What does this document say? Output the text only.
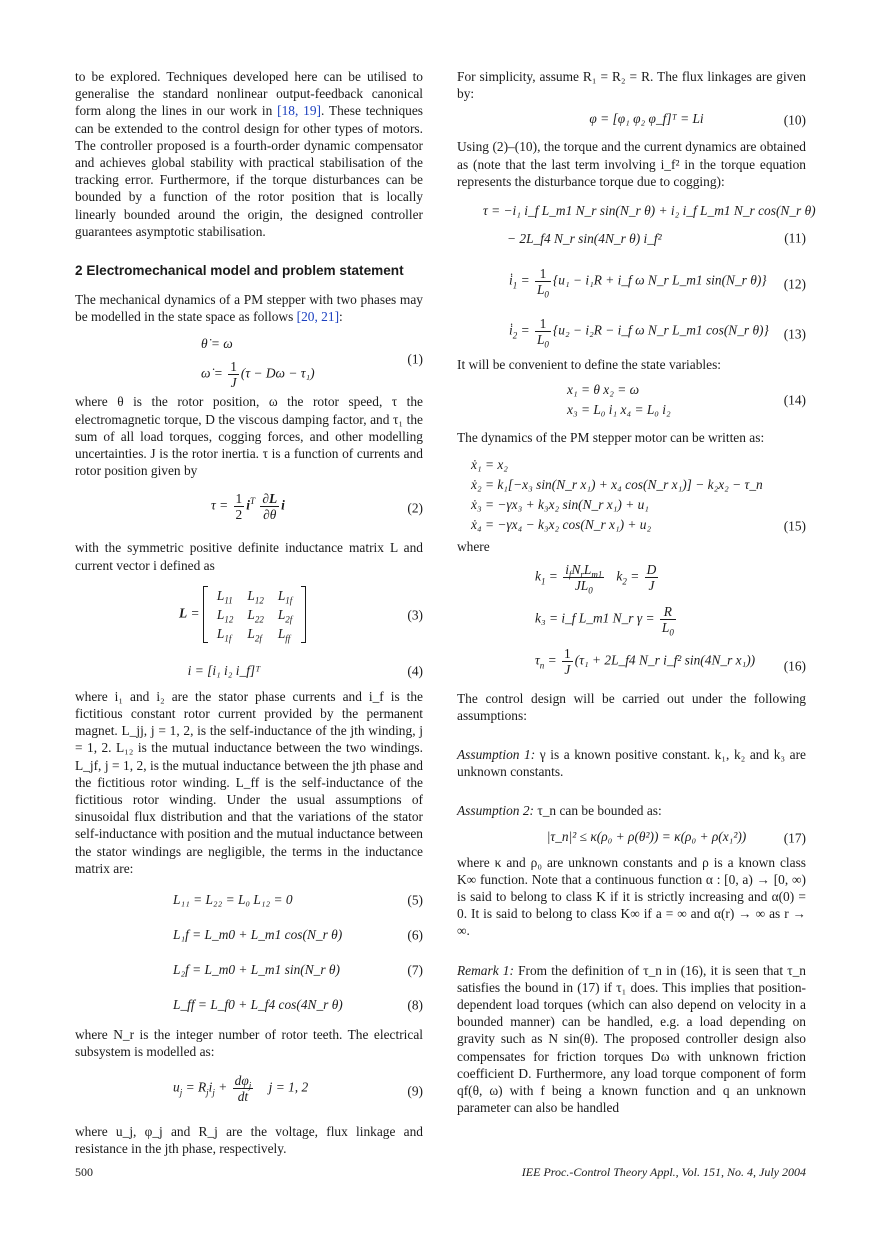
to be explored. Techniques developed here can be utilised to generalise the standard nonlinear output-feedback canonical form along the lines in our work in [18, 19]. These techniques can be extended to the control design for other types of motors. The controller proposed is a fourth-order dynamic compensator and achieves global stability with practical stabilisation of the tracking error. Furthermore, if the torque disturbances can be bounded by a function of the rotor position that is locally linearly bounded around the origin, the designed controller guarantees asymptotic stabilisation.

2 Electromechanical model and problem statement

The mechanical dynamics of a PM stepper with two phases may be modelled in the state space as follows [20, 21]:

θ̇ = ω
ω̇ = $\frac{1}{J} (\tau - D\omega - \tau_1)$
(1)

where θ is the rotor position, ω the rotor speed, τ the electromagnetic torque, D the viscous damping factor, and τ₁ the sum of all load torques, cogging forces, and other modelling uncertainties. J is the rotor inertia. τ is a function of currents and rotor position given by

$\tau = \frac{1}{2} i^T \frac{\partial L}{\partial\theta}$ i	(2)

with the symmetric positive definite inductance matrix L and current vector i defined as

L =
$L_{11}$	$L_{12}$	$L_{1f}$
$L_{12}$	$L_{22}$	$L_{2f}$
$L_{1f}$	$L_{2f}$	$L_{ff}$
(3)
i = [i₁ i₂ i_f]ᵀ	(4)

where i₁ and i₂ are the stator phase currents and i_f is the fictitious constant rotor current provided by the permanent magnet. L_jj, j = 1, 2, is the self-inductance of the jth winding, j = 1, 2. L₁₂ is the mutual inductance between the two windings. L_jf, j = 1, 2, is the mutual inductance between the jth phase and the fictitious rotor winding. L_ff is the self-inductance of the fictitious rotor winding. Under the usual assumptions of sinusoidal flux distribution and that the variations of the stator self-inductance with position and the mutual inductance between the stator windings are negligible, the terms in the inductance matrix are:

L₁₁ = L₂₂ = L₀ L₁₂ = 0	(5)
L₁f = L_m0 + L_m1 cos(N_r θ)	(6)
L₂f = L_m0 + L_m1 sin(N_r θ)	(7)
L_ff = L_f0 + L_f4 cos(4N_r θ)	(8)

where N_r is the integer number of rotor teeth. The electrical subsystem is modelled as:

$u_j = R_ji_j + \frac{d\varphi_j}{dt}$ j = 1, 2	(9)

where u_j, φ_j and R_j are the voltage, flux linkage and resistance in the jth phase, respectively.

For simplicity, assume R₁ = R₂ = R. The flux linkages are given by:

φ = [φ₁ φ₂ φ_f]ᵀ = Li	(10)

Using (2)–(10), the torque and the current dynamics are obtained as (note that the last term involving i_f² in the torque equation represents the disturbance torque due to cogging):

τ = −i₁ i_f L_m1 N_r sin(N_r θ) + i₂ i_f L_m1 N_r cos(N_r θ)
− 2L_f4 N_r sin(4N_r θ) i_f²	(11)
$i̇_1 = \frac{1}{L_0} \{u_1 - i_1R$ + i_f ω N_r L_m1 sin(N_r θ)} (12)
$i̇_2 = \frac{1}{L_0} \{u_2 - i_2R$ − i_f ω N_r L_m1 cos(N_r θ)} (13)

It will be convenient to define the state variables:

x₁ = θ x₂ = ω
x₃ = L₀ i₁ x₄ = L₀ i₂
(14)

The dynamics of the PM stepper motor can be written as:

ẋ₁ = x₂
ẋ₂ = k₁[−x₃ sin(N_r x₁) + x₄ cos(N_r x₁)] − k₂x₂ − τ_n
ẋ₃ = −γx₃ + k₃x₂ sin(N_r x₁) + u₁
ẋ₄ = −γx₄ − k₃x₂ cos(N_r x₁) + u₂	(15)

where

$k_1 = \frac{i_fN_rL_{m1}}{JL_0} k_2 = \frac{D}{J}$
k₃ = i_f L_m1 N_r $\gamma = \frac{R}{L_0}$
$\tau_n = \frac{1}{J} (\tau_1$ + 2L_f4 N_r i_f² sin(4N_r x₁)) (16)

The control design will be carried out under the following assumptions:

Assumption 1: γ is a known positive constant. k₁, k₂ and k₃ are unknown constants.

Assumption 2: τ_n can be bounded as:

|τ_n|² ≤ κ(ρ₀ + ρ(θ²)) = κ(ρ₀ + ρ(x₁²))	(17)

where κ and ρ₀ are unknown constants and ρ is a known class K∞ function. Note that a continuous function α : [0, a) → [0, ∞) is said to belong to class K if it is strictly increasing and α(0) = 0. It is said to belong to class K∞ if a = ∞ and α(r) → ∞ as r → ∞.

Remark 1: From the definition of τ_n in (16), it is seen that τ_n satisfies the bound in (17) if τ₁ does. This implies that position-dependent load torques (which can also depend on velocity in a bounded manner) can be handled, e.g. a load depending on gravity such as N sin(θ). The proposed controller design also compensates for friction torques Dω with unknown friction coefficient D. Furthermore, any load torque component of form qf(θ, ω) with f being a known function and q an unknown parameter can also be handled

500	IEE Proc.-Control Theory Appl., Vol. 151, No. 4, July 2004
